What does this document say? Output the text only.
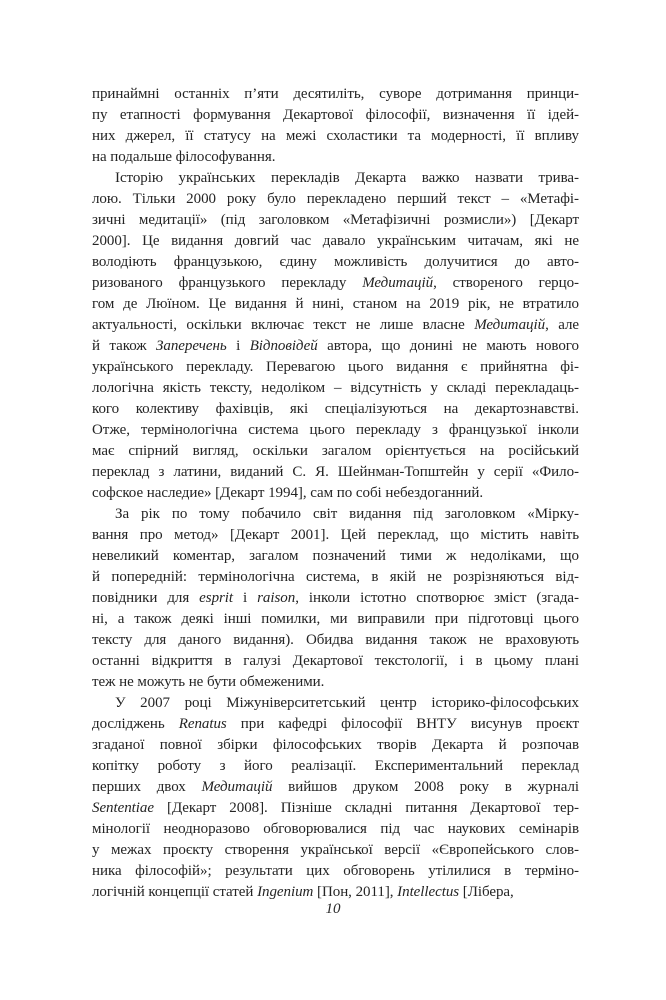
принаймні останніх п’яти десятиліть, суворе дотримання принци-
пу етапності формування Декартової філософії, визначення її ідей-
них джерел, її статусу на межі схоластики та модерності, її впливу
на подальше філософування.

Історію українських перекладів Декарта важко назвати трива-
лою. Тільки 2000 року було перекладено перший текст – «Метафі-
зичні медитації» (під заголовком «Метафізичні розмисли») [Декарт
2000]. Це видання довгий час давало українським читачам, які не
володіють французькою, єдину можливість долучитися до авто-
ризованого французького перекладу Медитацій, створеного герцо-
гом де Люїном. Це видання й нині, станом на 2019 рік, не втратило
актуальності, оскільки включає текст не лише власне Медитацій, але
й також Заперечень і Відповідей автора, що донині не мають нового
українського перекладу. Перевагою цього видання є прийнятна фі-
лологічна якість тексту, недоліком – відсутність у складі перекладаць-
кого колективу фахівців, які спеціалізуються на декартознавстві.
Отже, термінологічна система цього перекладу з французької інколи
має спірний вигляд, оскільки загалом орієнтується на російський
переклад з латини, виданий С. Я. Шейнман-Топштейн у серії «Фило-
софское наследие» [Декарт 1994], сам по собі небездоганний.

За рік по тому побачило світ видання під заголовком «Мірку-
вання про метод» [Декарт 2001]. Цей переклад, що містить навіть
невеликий коментар, загалом позначений тими ж недоліками, що
й попередній: термінологічна система, в якій не розрізняються від-
повідники для esprit і raison, інколи істотно спотворює зміст (згада-
ні, а також деякі інші помилки, ми виправили при підготовці цього
тексту для даного видання). Обидва видання також не враховують
останні відкриття в галузі Декартової текстології, і в цьому плані
теж не можуть не бути обмеженими.

У 2007 році Міжуніверситетський центр історико-філософських
досліджень Renatus при кафедрі філософії ВНТУ висунув проєкт
згаданої повної збірки філософських творів Декарта й розпочав
копітку роботу з його реалізації. Експериментальний переклад
перших двох Медитацій вийшов друком 2008 року в журналі
Sententiae [Декарт 2008]. Пізніше складні питання Декартової тер-
мінології неодноразово обговорювалися під час наукових семінарів
у межах проєкту створення української версії «Європейського слов-
ника філософій»; результати цих обговорень утілилися в терміно-
логічній концепції статей Ingenium [Пон, 2011], Intellectus [Лібера,

10
